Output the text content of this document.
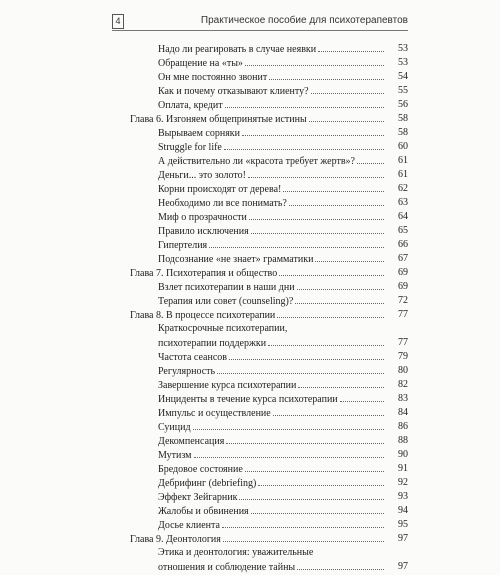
4	Практическое пособие для психотерапевтов
Надо ли реагировать в случае неявки	53
Обращение на «ты»	53
Он мне постоянно звонит	54
Как и почему отказывают клиенту?	55
Оплата, кредит	56
Глава 6. Изгоняем общепринятые истины	58
Вырываем сорняки	58
Struggle for life	60
А действительно ли «красота требует жертв»?	61
Деньги... это золото!	61
Корни происходят от дерева!	62
Необходимо ли все понимать?	63
Миф о прозрачности	64
Правило исключения	65
Гипертелия	66
Подсознание «не знает» грамматики	67
Глава 7. Психотерапия и общество	69
Взлет психотерапии в наши дни	69
Терапия или совет (counseling)?	72
Глава 8. В процессе психотерапии	77
Краткосрочные психотерапии,
психотерапии поддержки	77
Частота сеансов	79
Регулярность	80
Завершение курса психотерапии	82
Инциденты в течение курса психотерапии	83
Импульс и осуществление	84
Суицид	86
Декомпенсация	88
Мутизм	90
Бредовое состояние	91
Дебрифинг (debriefing)	92
Эффект Зейгарник	93
Жалобы и обвинения	94
Досье клиента	95
Глава 9. Деонтология	97
Этика и деонтология: уважительные
отношения и соблюдение тайны	97
